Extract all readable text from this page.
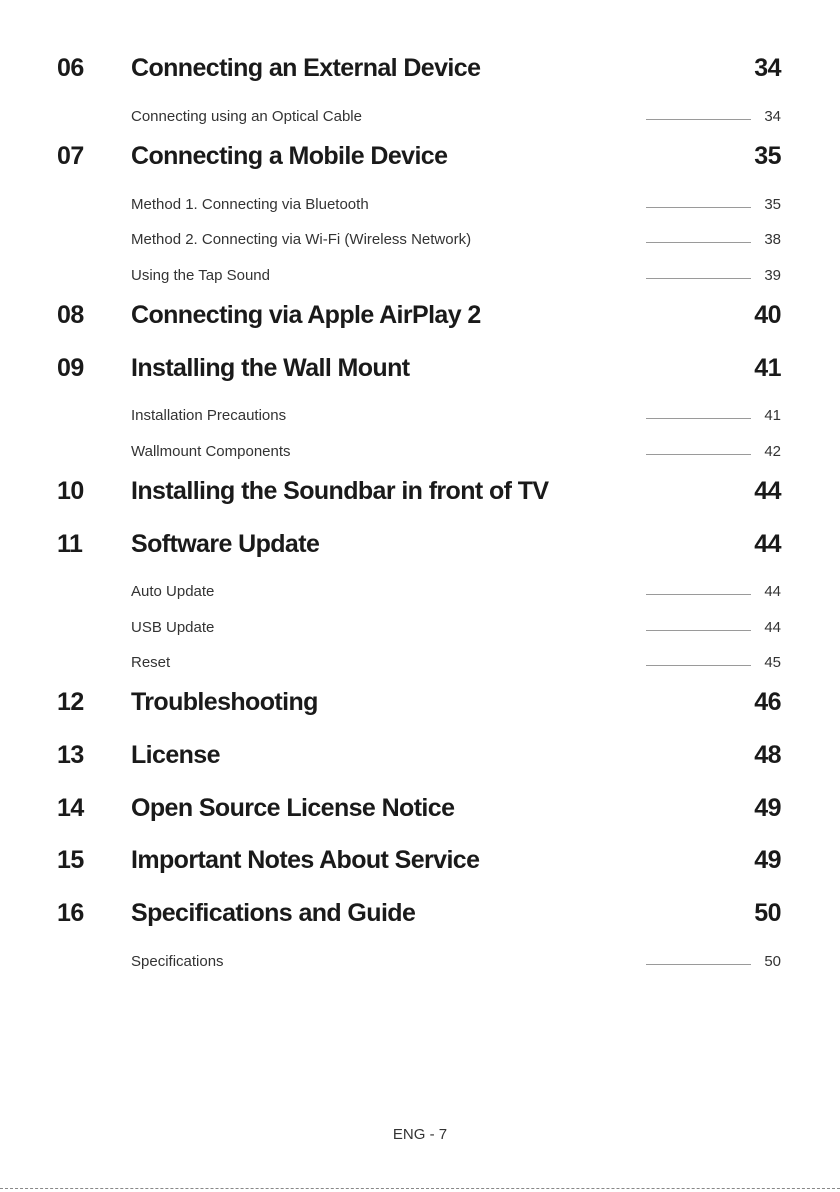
06 Connecting an External Device	34
Connecting using an Optical Cable	34
07 Connecting a Mobile Device	35
Method 1. Connecting via Bluetooth	35
Method 2. Connecting via Wi-Fi (Wireless Network)	38
Using the Tap Sound	39
08 Connecting via Apple AirPlay 2	40
09 Installing the Wall Mount	41
Installation Precautions	41
Wallmount Components	42
10 Installing the Soundbar in front of TV	44
11 Software Update	44
Auto Update	44
USB Update	44
Reset	45
12 Troubleshooting	46
13 License	48
14 Open Source License Notice	49
15 Important Notes About Service	49
16 Specifications and Guide	50
Specifications	50
ENG - 7
